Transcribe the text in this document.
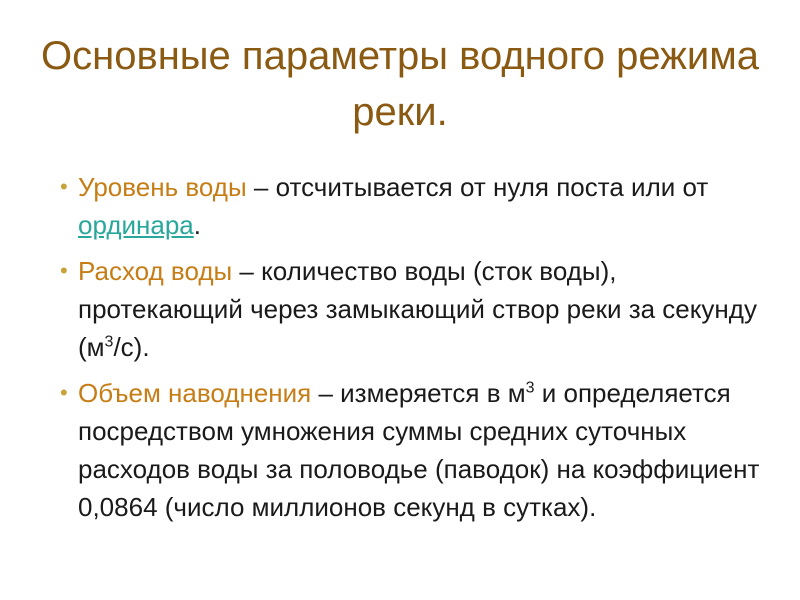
Основные параметры водного режима реки.
• Уровень воды – отсчитывается от нуля поста или от ординара.
• Расход воды – количество воды (сток воды), протекающий через замыкающий створ реки за секунду $(м^3/с)$.
• Объем наводнения – измеряется в $м^3$ и определяется посредством умножения суммы средних суточных расходов воды за половодье (паводок) на коэффициент 0,0864 (число миллионов секунд в сутках).
